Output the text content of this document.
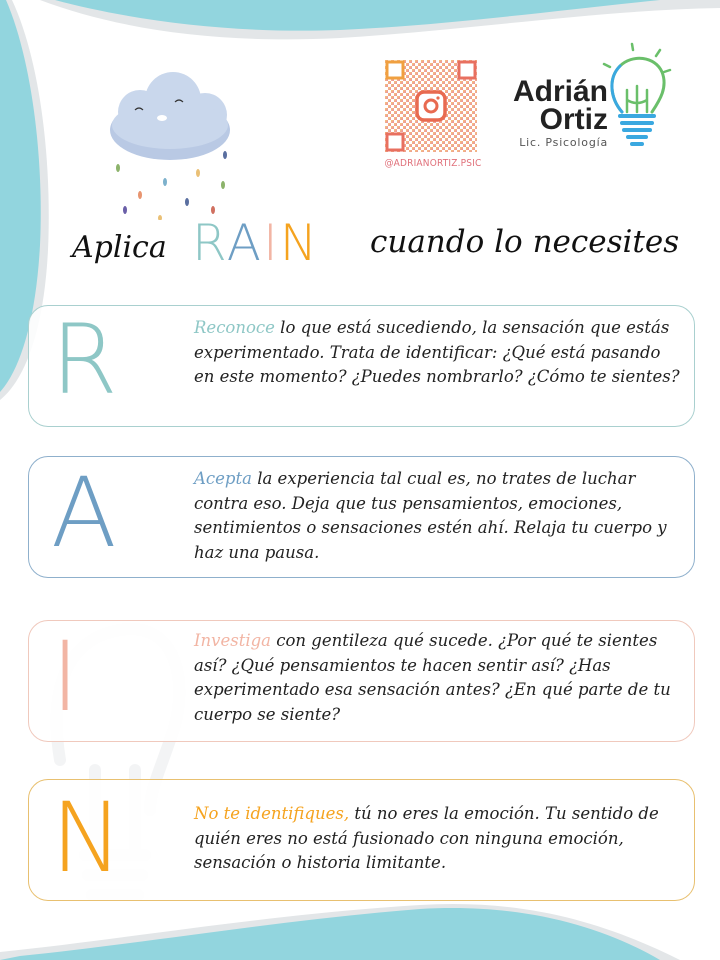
@ADRIANORTIZ.PSIC
Adrián
Ortiz
Lic. Psicología
Aplica RAIN cuando lo necesites
R	Reconoce lo que está sucediendo, la sensación que estás experimentado. Trata de identificar: ¿Qué está pasando en este momento? ¿Puedes nombrarlo? ¿Cómo te sientes?
A	Acepta la experiencia tal cual es, no trates de luchar contra eso. Deja que tus pensamientos, emociones, sentimientos o sensaciones estén ahí. Relaja tu cuerpo y haz una pausa.
I	Investiga con gentileza qué sucede. ¿Por qué te sientes así? ¿Qué pensamientos te hacen sentir así? ¿Has experimentado esa sensación antes? ¿En qué parte de tu cuerpo se siente?
N	No te identifiques, tú no eres la emoción. Tu sentido de quién eres no está fusionado con ninguna emoción, sensación o historia limitante.
